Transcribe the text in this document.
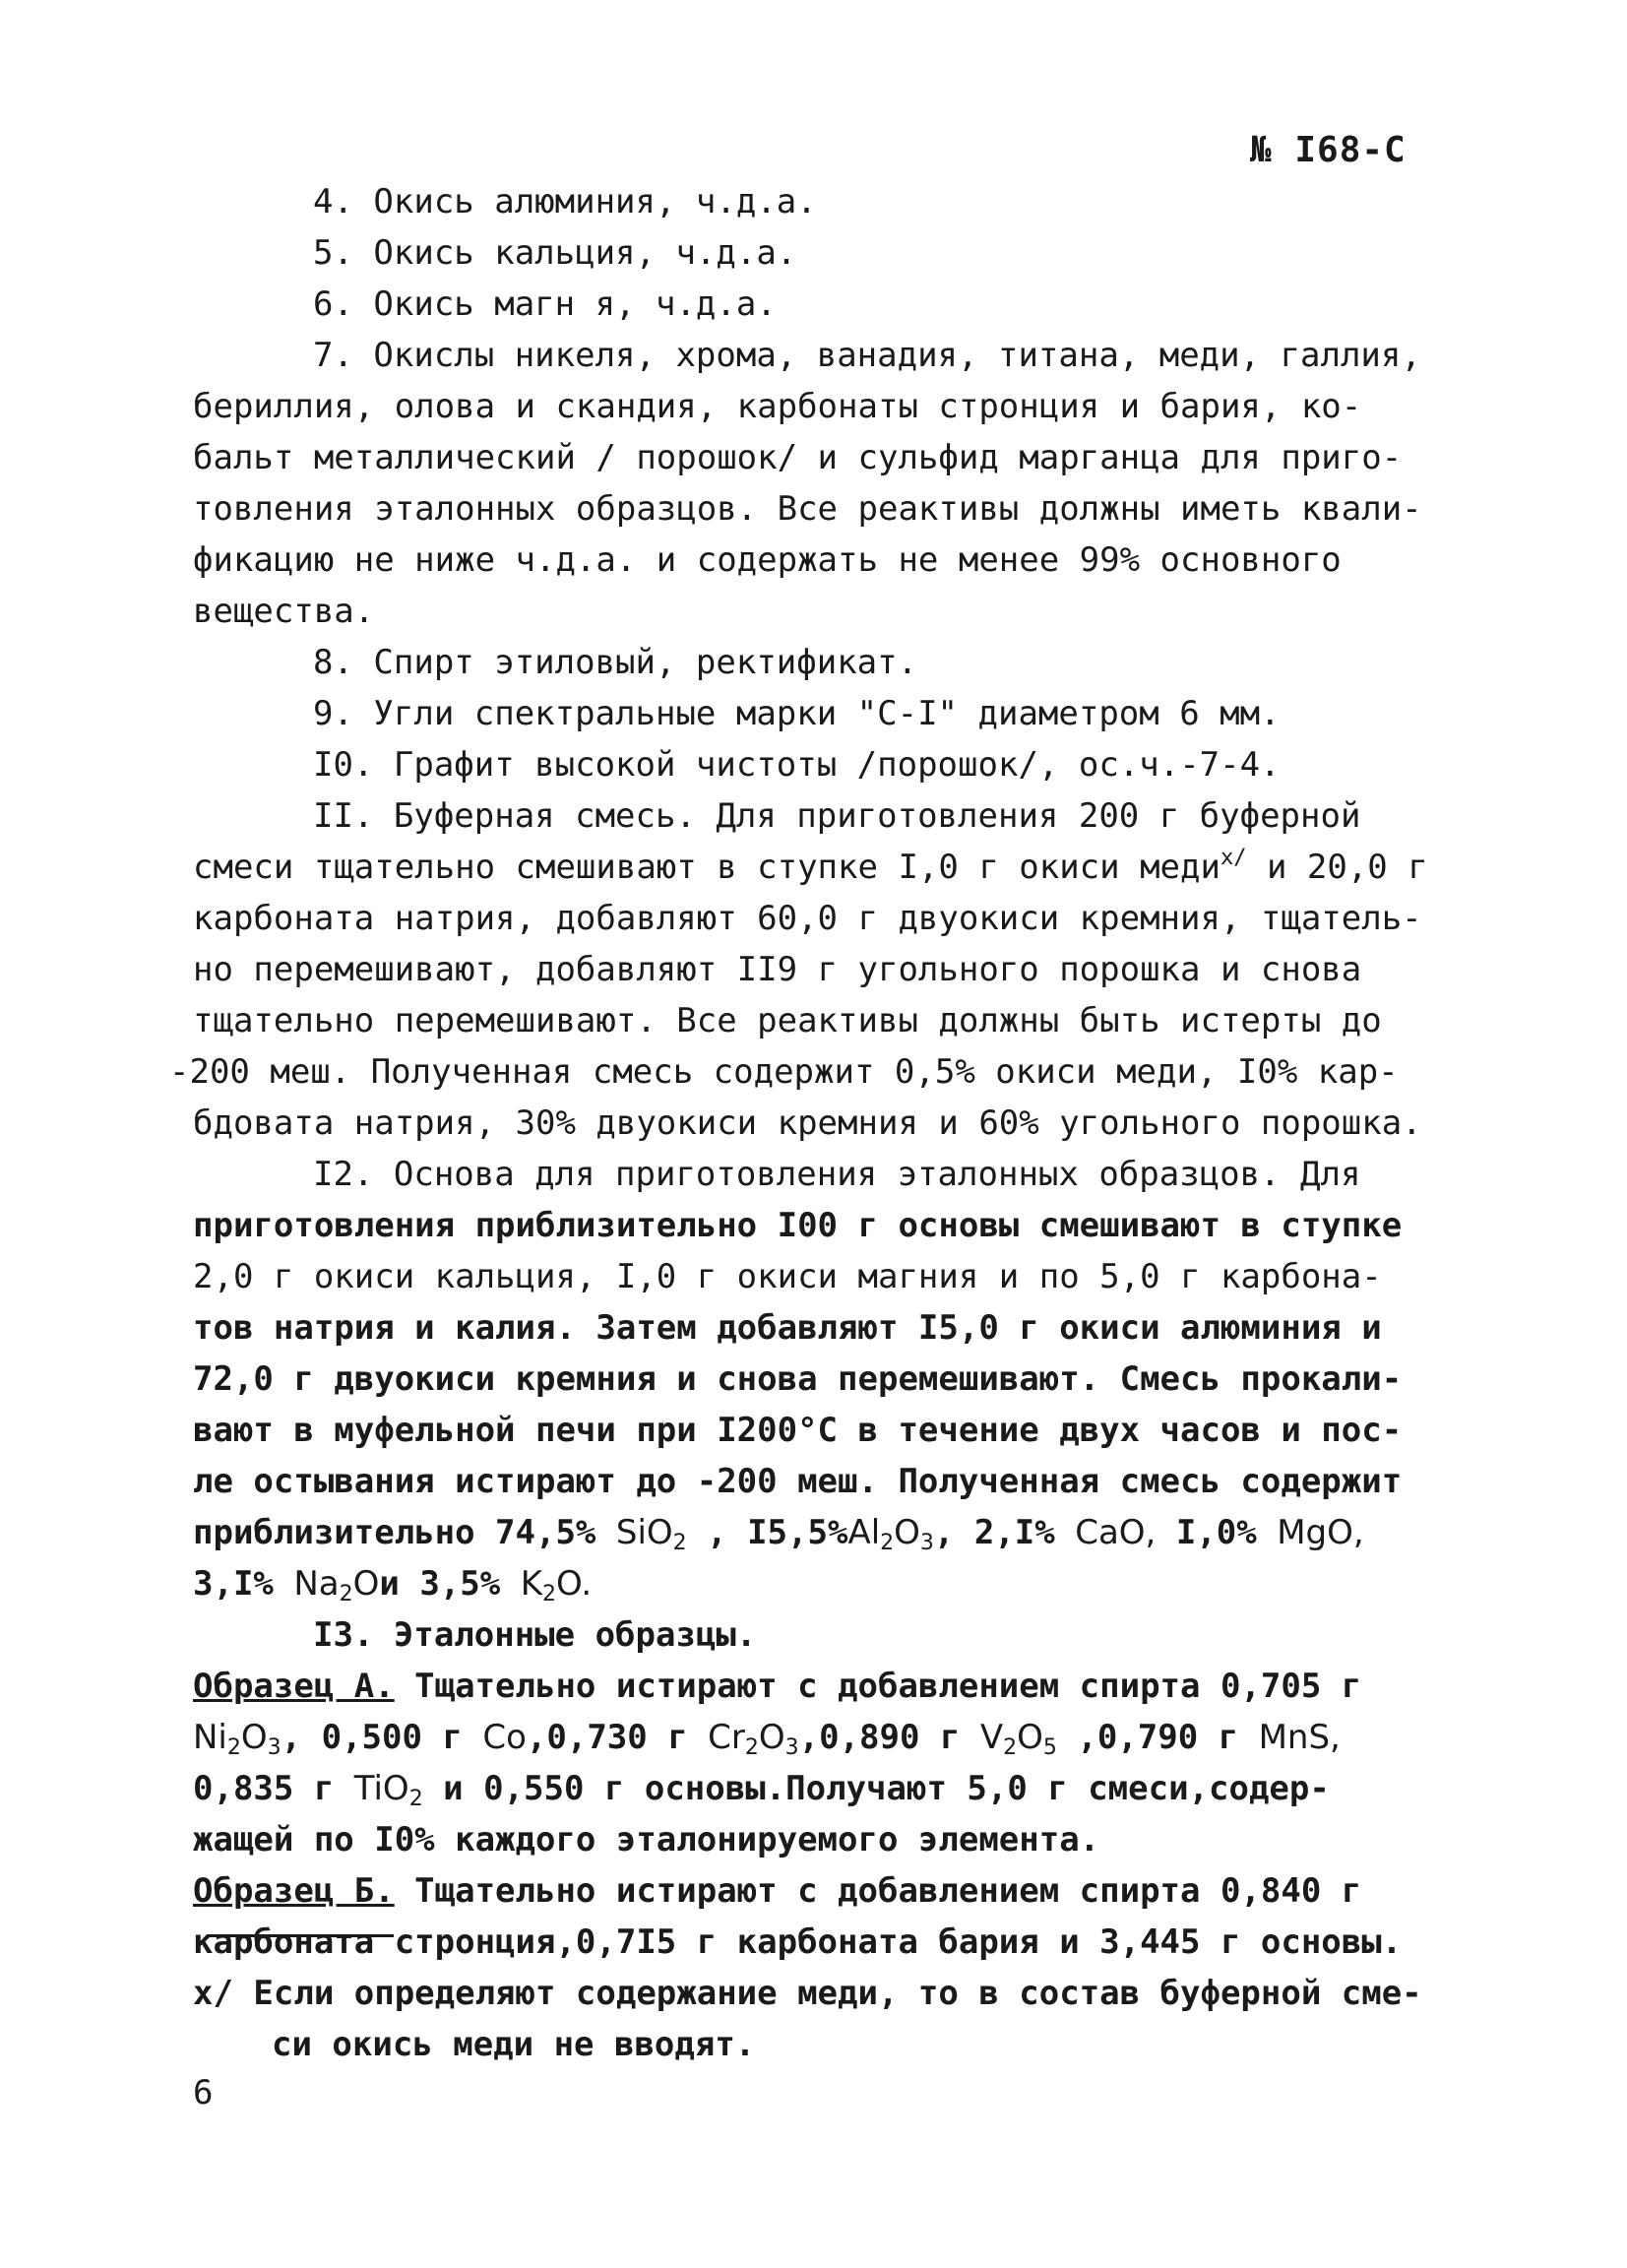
№ I68-С
4. Окись алюминия, ч.д.а.
5. Окись кальция, ч.д.а.
6. Окись магн я, ч.д.а.
7. Окислы никеля, хрома, ванадия, титана, меди, галлия,
бериллия, олова и скандия, карбонаты стронция и бария, ко-
бальт металлический / порошок/ и сульфид марганца для приго-
товления эталонных образцов. Все реактивы должны иметь квали-
фикацию не ниже ч.д.а. и содержать не менее 99% основного
вещества.
8. Спирт этиловый, ректификат.
9. Угли спектральные марки "С-I" диаметром 6 мм.
I0. Графит высокой чистоты /порошок/, ос.ч.-7-4.
II. Буферная смесь. Для приготовления 200 г буферной
смеси тщательно смешивают в ступке I,0 г окиси меди$^{x/}$ и 20,0 г
карбоната натрия, добавляют 60,0 г двуокиси кремния, тщатель-
но перемешивают, добавляют II9 г угольного порошка и снова
тщательно перемешивают. Все реактивы должны быть истерты до
-200 меш. Полученная смесь содержит 0,5% окиси меди, I0% кар-
бдовата натрия, 30% двуокиси кремния и 60% угольного порошка.
I2. Основа для приготовления эталонных образцов. Для
приготовления приблизительно I00 г основы смешивают в ступке
2,0 г окиси кальция, I,0 г окиси магния и по 5,0 г карбона-
тов натрия и калия. Затем добавляют I5,0 г окиси алюминия и
72,0 г двуокиси кремния и снова перемешивают. Смесь прокали-
вают в муфельной печи при I200°С в течение двух часов и пос-
ле остывания истирают до -200 меш. Полученная смесь содержит
приблизительно 74,5% SiO$_2$ , $I5,5\%Al_2O_3$, 2,I% CaO, I,0% MgO,
3,I% $Na_2Oи$ 3,5% $K_2O$.
I3. Эталонные образцы.
Образец А. Тщательно истирают с добавлением спирта 0,705 г
$Ni_2O_3$, 0,500 г Co,0,730 г $Cr_2O_3,0,890$ г $V_2O_5$ ,0,790 г MnS,
0,835 г TiO$_2$ и 0,550 г основы.Получают 5,0 г смеси,содер-
жащей по I0% каждого эталонируемого элемента.
Образец Б. Тщательно истирают с добавлением спирта 0,840 г
карбоната стронция,0,7I5 г карбоната бария и 3,445 г основы.
x/ Если определяют содержание меди, то в состав буферной сме-
си окись меди не вводят.
6
